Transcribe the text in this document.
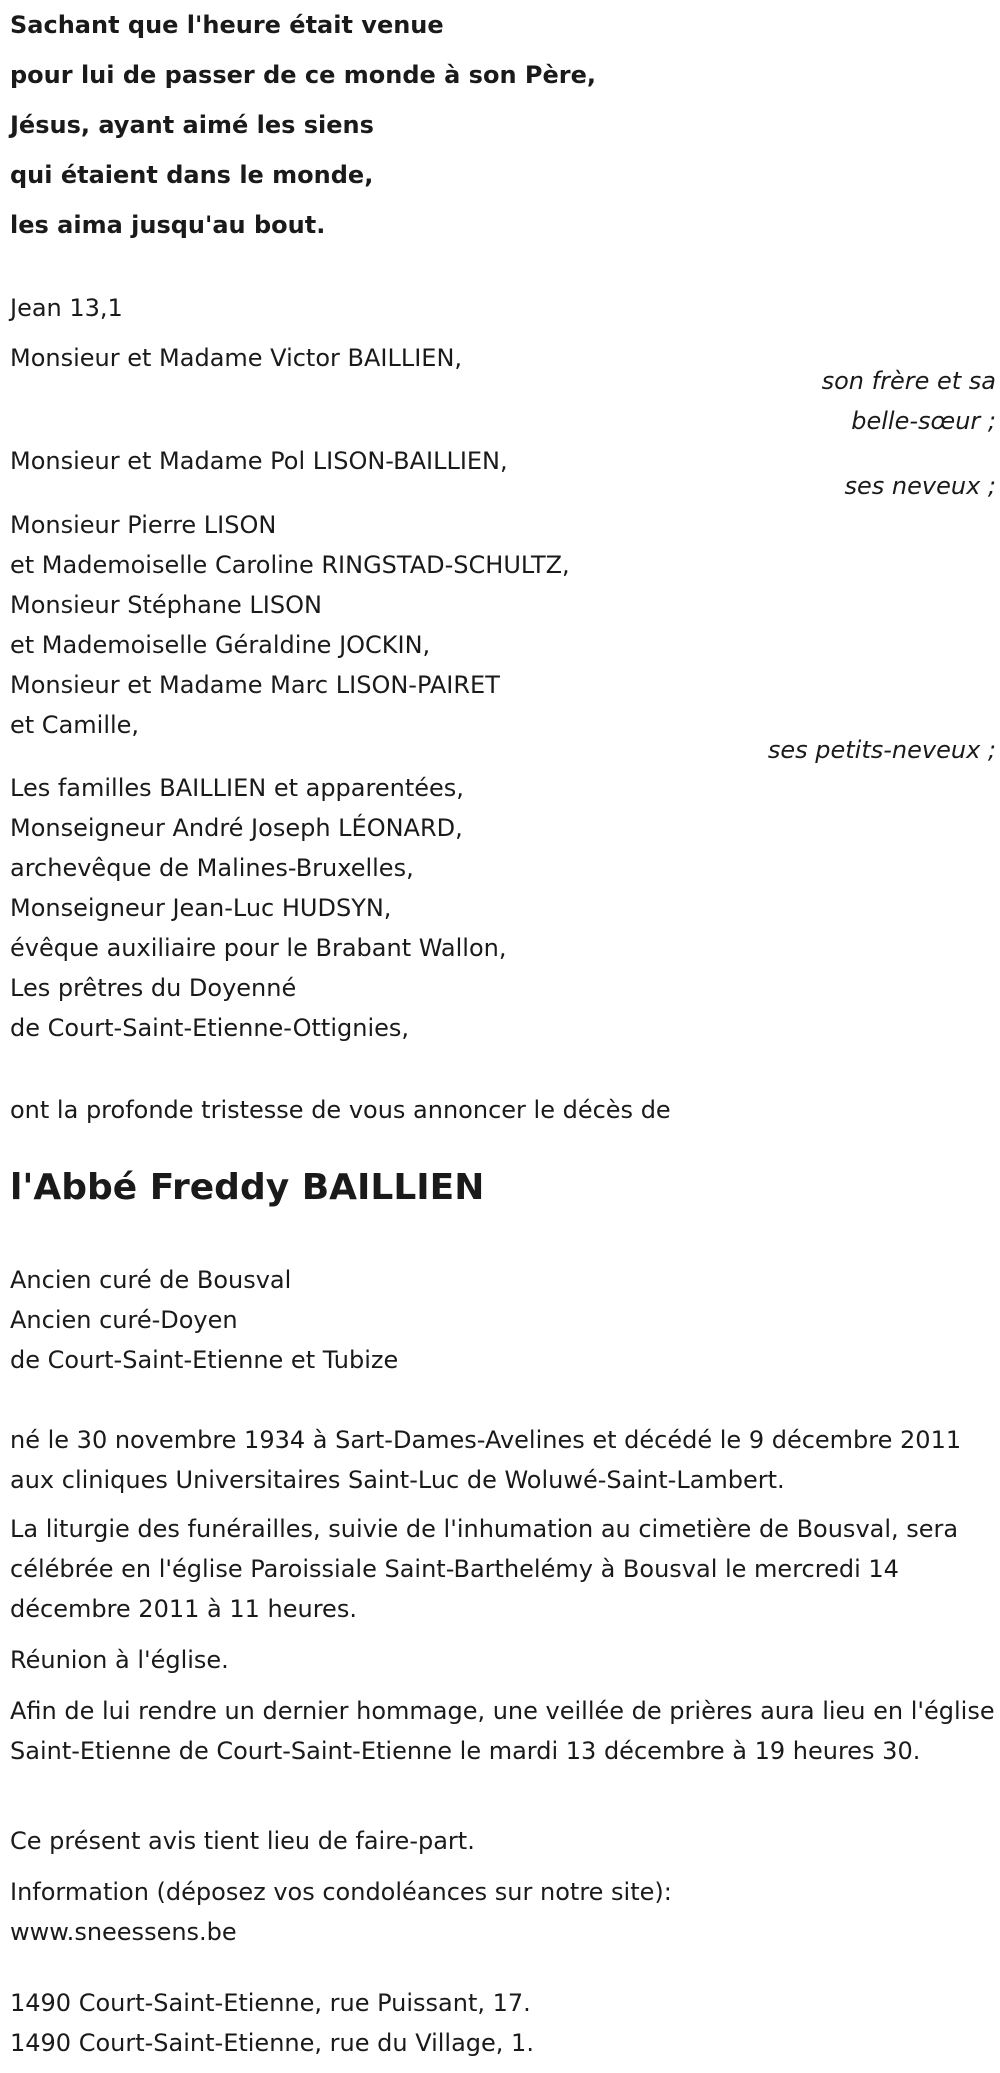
Sachant que l'heure était venue
pour lui de passer de ce monde à son Père,
Jésus, ayant aimé les siens
qui étaient dans le monde,
les aima jusqu'au bout.
Jean 13,1
Monsieur et Madame Victor BAILLIEN,
son frère et sa
belle-sœur ;
Monsieur et Madame Pol LISON-BAILLIEN,
ses neveux ;
Monsieur Pierre LISON
et Mademoiselle Caroline RINGSTAD-SCHULTZ,
Monsieur Stéphane LISON
et Mademoiselle Géraldine JOCKIN,
Monsieur et Madame Marc LISON-PAIRET
et Camille,
ses petits-neveux ;
Les familles BAILLIEN et apparentées,
Monseigneur André Joseph LÉONARD,
archevêque de Malines-Bruxelles,
Monseigneur Jean-Luc HUDSYN,
évêque auxiliaire pour le Brabant Wallon,
Les prêtres du Doyenné
de Court-Saint-Etienne-Ottignies,
ont la profonde tristesse de vous annoncer le décès de
l'Abbé Freddy BAILLIEN
Ancien curé de Bousval
Ancien curé-Doyen
de Court-Saint-Etienne et Tubize
né le 30 novembre 1934 à Sart-Dames-Avelines et décédé le 9 décembre 2011 aux cliniques Universitaires Saint-Luc de Woluwé-Saint-Lambert.
La liturgie des funérailles, suivie de l'inhumation au cimetière de Bousval, sera célébrée en l'église Paroissiale Saint-Barthelémy à Bousval le mercredi 14 décembre 2011 à 11 heures.
Réunion à l'église.
Afin de lui rendre un dernier hommage, une veillée de prières aura lieu en l'église Saint-Etienne de Court-Saint-Etienne le mardi 13 décembre à 19 heures 30.
Ce présent avis tient lieu de faire-part.
Information (déposez vos condoléances sur notre site):
www.sneessens.be
1490 Court-Saint-Etienne, rue Puissant, 17.
1490 Court-Saint-Etienne, rue du Village, 1.
